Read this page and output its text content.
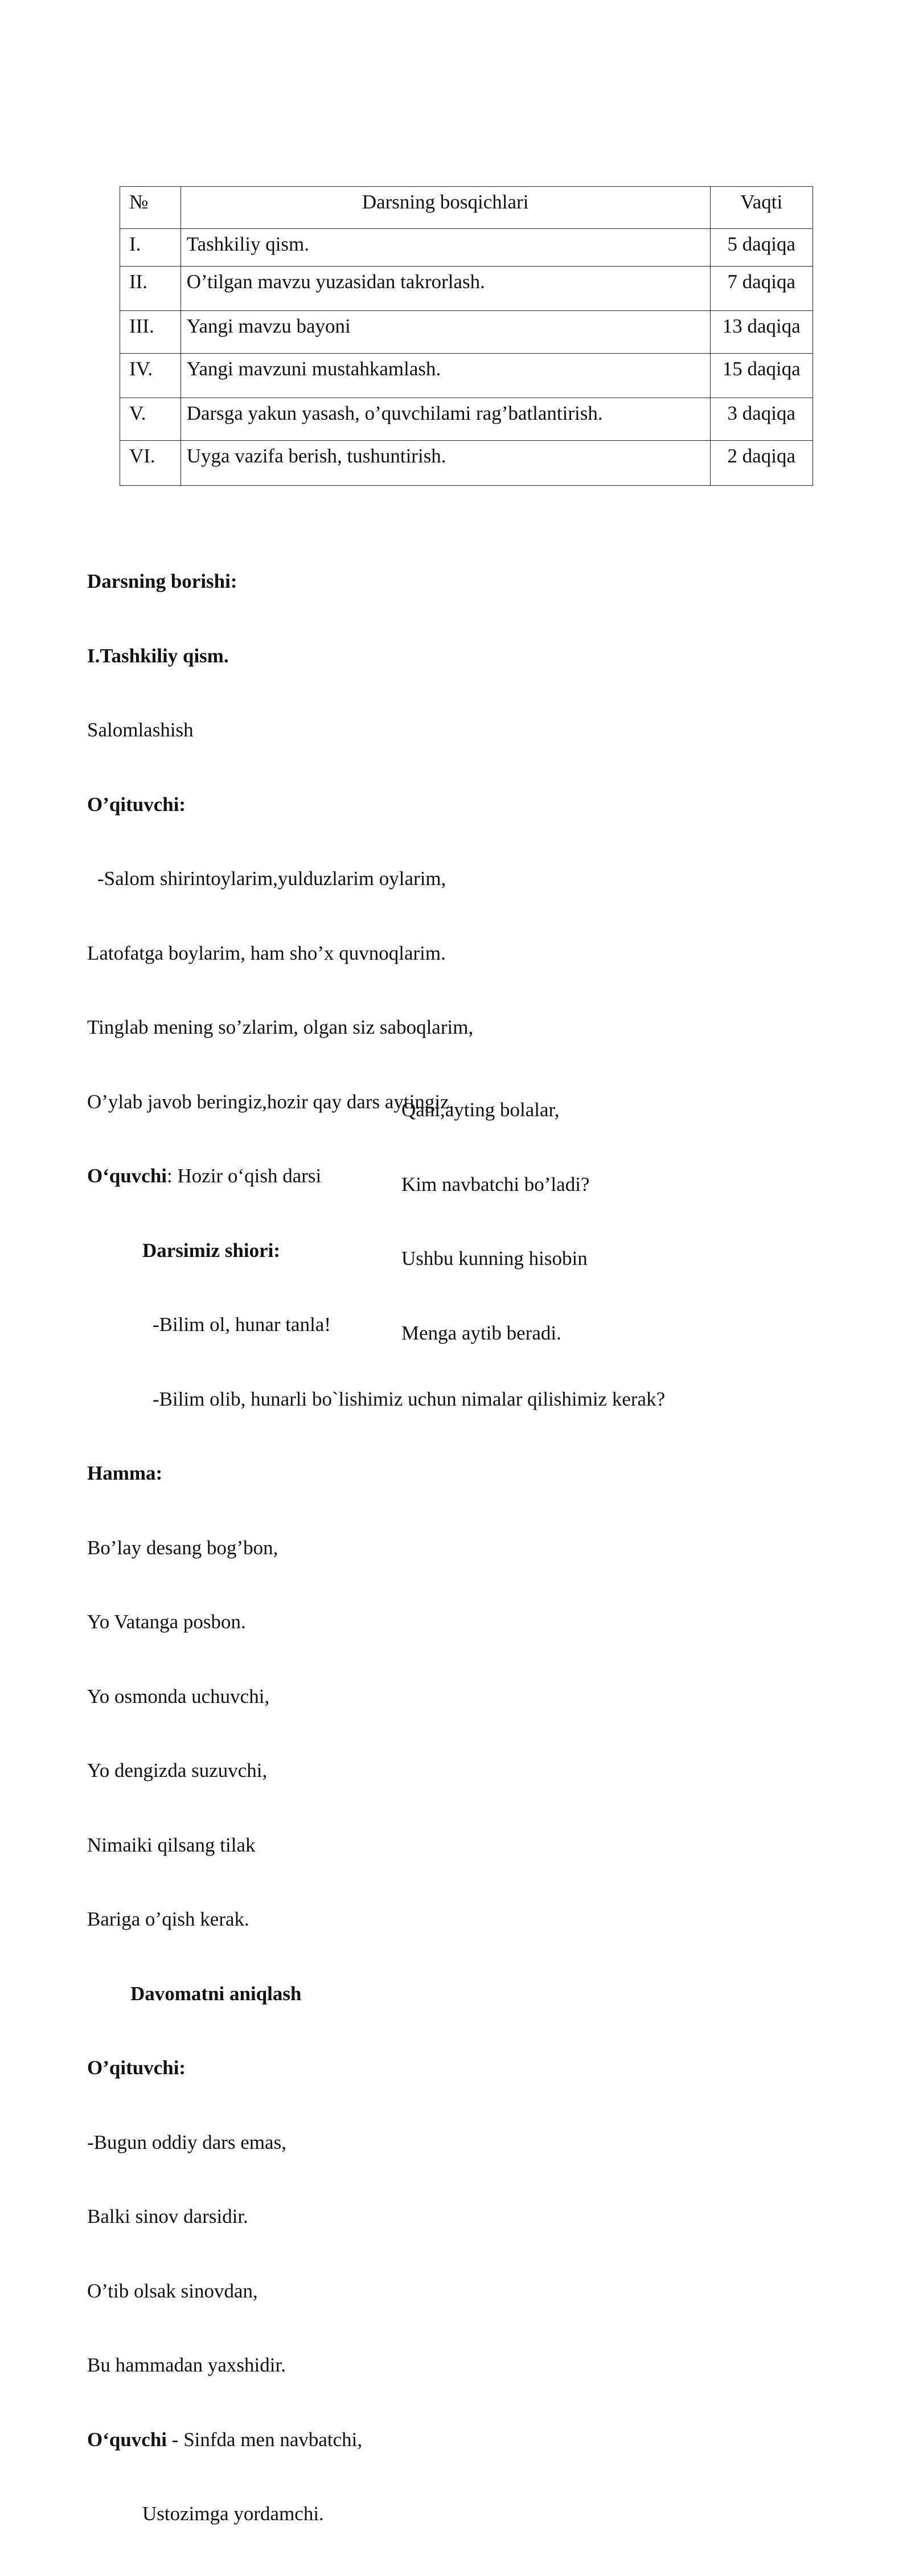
№	Darsning bosqichlari	Vaqti
I.	Tashkiliy qism.	5 daqiqa
II.	O’tilgan mavzu yuzasidan takrorlash.	7 daqiqa
III.	Yangi mavzu bayoni	13 daqiqa
IV.	Yangi mavzuni mustahkamlash.	15 daqiqa
V.	Darsga yakun yasash, o’quvchilami rag’batlantirish.	3 daqiqa
VI.	Uyga vazifa berish, tushuntirish.	2 daqiqa

Darsning borishi:

I.Tashkiliy qism.

Salomlashish

O’qituvchi:

-Salom shirintoylarim,yulduzlarim oylarim,

Latofatga boylarim, ham sho’x quvnoqlarim.

Tinglab mening so’zlarim, olgan siz saboqlarim,

O’ylab javob beringiz,hozir qay dars aytingiz.

O‘quvchi: Hozir o‘qish darsi

Darsimiz shiori:

-Bilim ol, hunar tanla!

-Bilim olib, hunarli bo`lishimiz uchun nimalar qilishimiz kerak?

Hamma:

Bo’lay desang bog’bon,

Yo Vatanga posbon.

Yo osmonda uchuvchi,

Yo dengizda suzuvchi,

Nimaiki qilsang tilak

Bariga o’qish kerak.

Davomatni aniqlash

O’qituvchi:

-Bugun oddiy dars emas,

Balki sinov darsidir.

O’tib olsak sinovdan,

Bu hammadan yaxshidir.

O‘quvchi - Sinfda men navbatchi,

Ustozimga yordamchi.

Qani,ayting bolalar,

Kim navbatchi bo’ladi?

Ushbu kunning hisobin

Menga aytib beradi.
